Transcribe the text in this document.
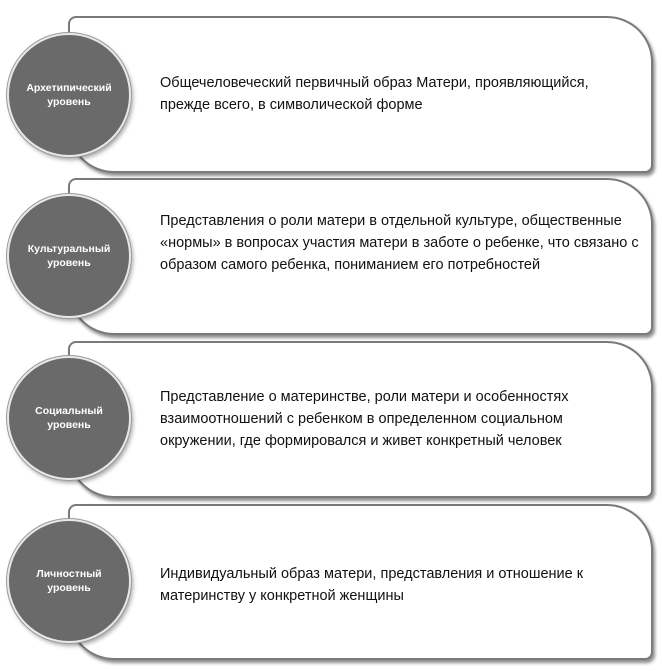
Общечеловеческий первичный образ Матери, проявляющийся, прежде всего, в символической форме
Архетипический
уровень
Представления о роли матери в отдельной культуре, общественные «нормы» в вопросах участия матери в заботе о ребенке, что связано с образом самого ребенка, пониманием его потребностей
Культуральный
уровень
Представление о материнстве, роли матери и особенностях взаимоотношений с ребенком в определенном социальном окружении, где формировался и живет конкретный человек
Социальный
уровень
Индивидуальный образ матери, представления и отношение к материнству у конкретной женщины
Личностный
уровень
